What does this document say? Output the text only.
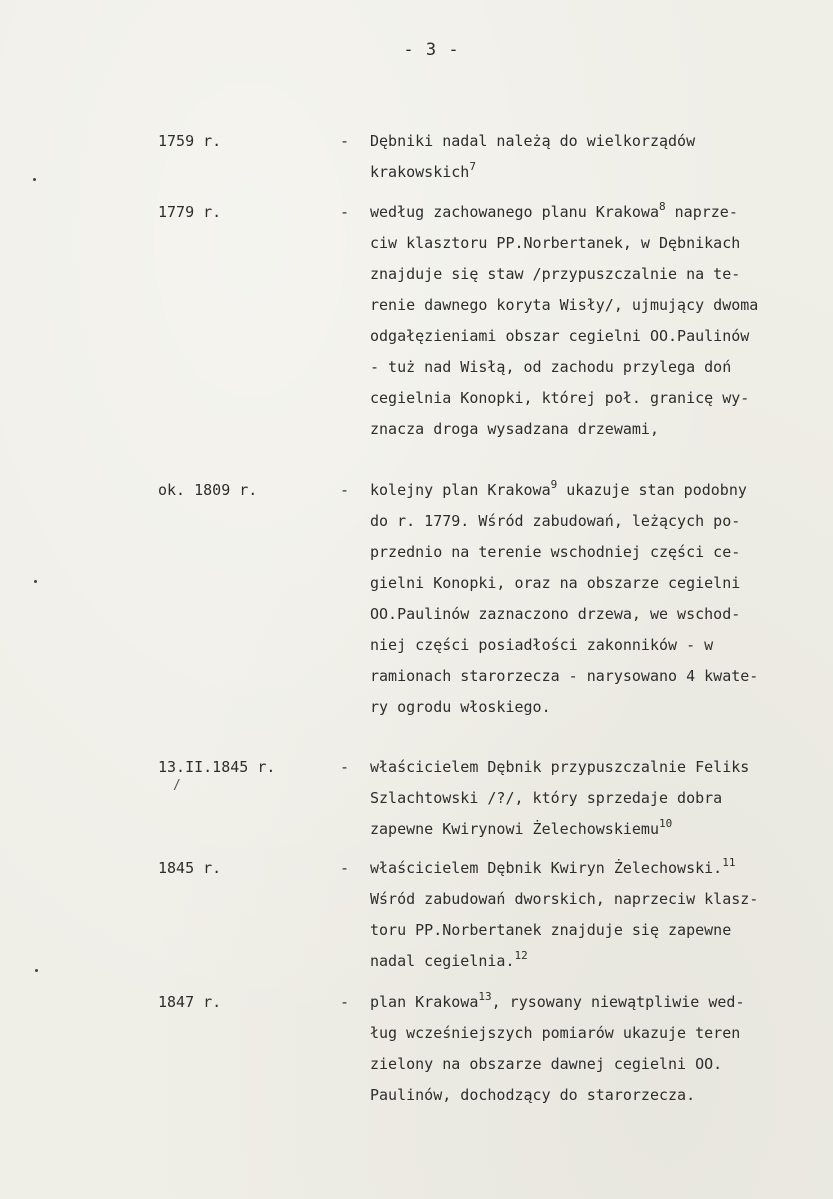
- 3 -
/
1759 r.	- Dębniki nadal należą do wielkorządów
krakowskich$^7$
1779 r.	- według zachowanego planu Krakowa$^8$ naprze-
ciw klasztoru PP.Norbertanek, w Dębnikach
znajduje się staw /przypuszczalnie na te-
renie dawnego koryta Wisły/, ujmujący dwoma
odgałęzieniami obszar cegielni OO.Paulinów
- tuż nad Wisłą, od zachodu przylega doń
cegielnia Konopki, której poł. granicę wy-
znacza droga wysadzana drzewami,
ok. 1809 r.	- kolejny plan Krakowa$^9$ ukazuje stan podobny
do r. 1779. Wśród zabudowań, leżących po-
przednio na terenie wschodniej części ce-
gielni Konopki, oraz na obszarze cegielni
OO.Paulinów zaznaczono drzewa, we wschod-
niej części posiadłości zakonników - w
ramionach starorzecza - narysowano 4 kwate-
ry ogrodu włoskiego.
13.II.1845 r.	- właścicielem Dębnik przypuszczalnie Feliks
Szlachtowski /?/, który sprzedaje dobra
zapewne Kwirynowi Żelechowskiemu$^{10}$
1845 r.	- właścicielem Dębnik Kwiryn Żelechowski.$^{11}$
Wśród zabudowań dworskich, naprzeciw klasz-
toru PP.Norbertanek znajduje się zapewne
nadal cegielnia.$^{12}$
1847 r.	- plan Krakowa$^{13}$, rysowany niewątpliwie wed-
ług wcześniejszych pomiarów ukazuje teren
zielony na obszarze dawnej cegielni OO.
Paulinów, dochodzący do starorzecza.
